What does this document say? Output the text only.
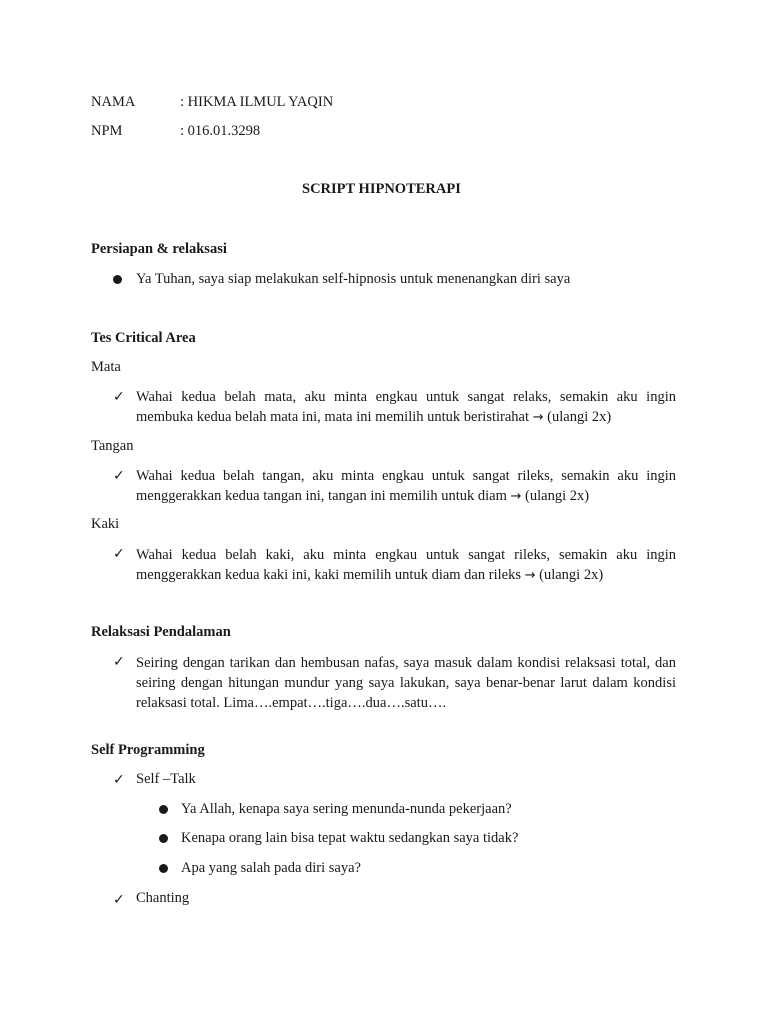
NAMA	: HIKMA ILMUL YAQIN
NPM	: 016.01.3298
SCRIPT HIPNOTERAPI
Persiapan & relaksasi
Ya Tuhan, saya siap melakukan self-hipnosis untuk menenangkan diri saya
Tes Critical Area
Mata
✓ Wahai kedua belah mata, aku minta engkau untuk sangat relaks, semakin aku ingin membuka kedua belah mata ini, mata ini memilih untuk beristirahat → (ulangi 2x)
Tangan
✓ Wahai kedua belah tangan, aku minta engkau untuk sangat rileks, semakin aku ingin menggerakkan kedua tangan ini, tangan ini memilih untuk diam → (ulangi 2x)
Kaki
✓ Wahai kedua belah kaki, aku minta engkau untuk sangat rileks, semakin aku ingin menggerakkan kedua kaki ini, kaki memilih untuk diam dan rileks → (ulangi 2x)
Relaksasi Pendalaman
✓ Seiring dengan tarikan dan hembusan nafas, saya masuk dalam kondisi relaksasi total, dan seiring dengan hitungan mundur yang saya lakukan, saya benar-benar larut dalam kondisi relaksasi total. Lima….empat….tiga….dua….satu….
Self Programming
✓ Self –Talk
Ya Allah, kenapa saya sering menunda-nunda pekerjaan?
Kenapa orang lain bisa tepat waktu sedangkan saya tidak?
Apa yang salah pada diri saya?
✓ Chanting
